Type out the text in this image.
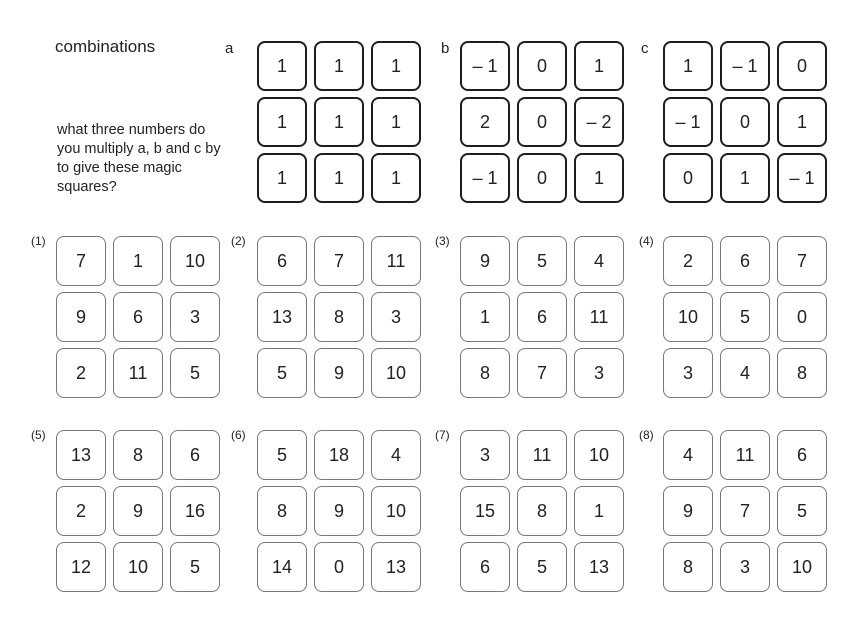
combinations
what three numbers do you multiply a, b and c by to give these magic squares?
a
1	1	1
1	1	1
1	1	1
b
– 1	0	1
2	0	– 2
– 1	0	1
c
1	– 1	0
– 1	0	1
0	1	– 1
(1)
7	1	10
9	6	3
2	11	5
(2)
6	7	11
13	8	3
5	9	10
(3)
9	5	4
1	6	11
8	7	3
(4)
2	6	7
10	5	0
3	4	8
(5)
13	8	6
2	9	16
12	10	5
(6)
5	18	4
8	9	10
14	0	13
(7)
3	11	10
15	8	1
6	5	13
(8)
4	11	6
9	7	5
8	3	10
